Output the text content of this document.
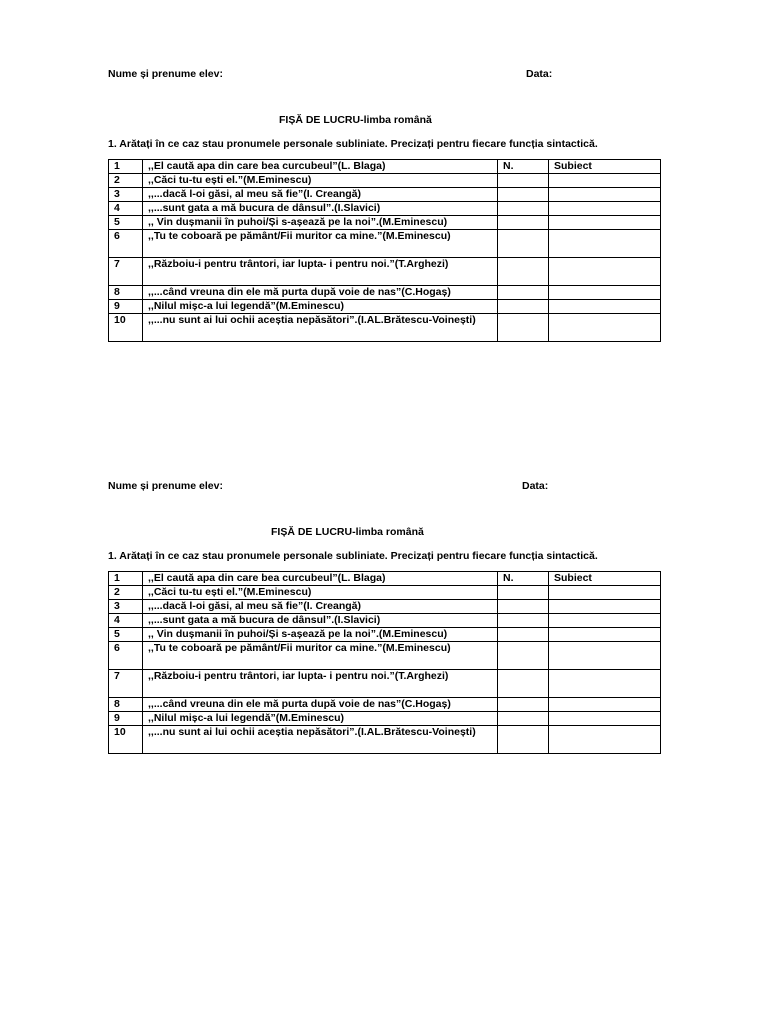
Nume și prenume elev:	Data:
FIȘĂ DE LUCRU-limba română
1. Arătați în ce caz stau pronumele personale subliniate. Precizați pentru fiecare funcția sintactică.
1	,,El caută apa din care bea curcubeul”(L. Blaga)	N.	Subiect
2	,,Căci tu-tu ești el.”(M.Eminescu)		
3	,,...dacă l-oi găsi, al meu să fie”(I. Creangă)		
4	,,...sunt gata a mă bucura de dânsul”.(I.Slavici)		
5	,, Vin dușmanii în puhoi/Și s-așează pe la noi”.(M.Eminescu)		
6	,,Tu te coboară pe pământ/Fii muritor ca mine.”(M.Eminescu)		
7	,,Războiu-i pentru trântori, iar lupta- i pentru noi.”(T.Arghezi)		
8	,,...când vreuna din ele mă purta după voie de nas”(C.Hogaș)		
9	,,Nilul mișc-a lui legendă”(M.Eminescu)		
10	,,...nu sunt ai lui ochii aceștia nepăsători”.(I.AL.Brătescu-Voinești)		
Nume și prenume elev:	Data:
FIȘĂ DE LUCRU-limba română
1. Arătați în ce caz stau pronumele personale subliniate. Precizați pentru fiecare funcția sintactică.
1	,,El caută apa din care bea curcubeul”(L. Blaga)	N.	Subiect
2	,,Căci tu-tu ești el.”(M.Eminescu)		
3	,,...dacă l-oi găsi, al meu să fie”(I. Creangă)		
4	,,...sunt gata a mă bucura de dânsul”.(I.Slavici)		
5	,, Vin dușmanii în puhoi/Și s-așează pe la noi”.(M.Eminescu)		
6	,,Tu te coboară pe pământ/Fii muritor ca mine.”(M.Eminescu)		
7	,,Războiu-i pentru trântori, iar lupta- i pentru noi.”(T.Arghezi)		
8	,,...când vreuna din ele mă purta după voie de nas”(C.Hogaș)		
9	,,Nilul mișc-a lui legendă”(M.Eminescu)		
10	,,...nu sunt ai lui ochii aceștia nepăsători”.(I.AL.Brătescu-Voinești)		
